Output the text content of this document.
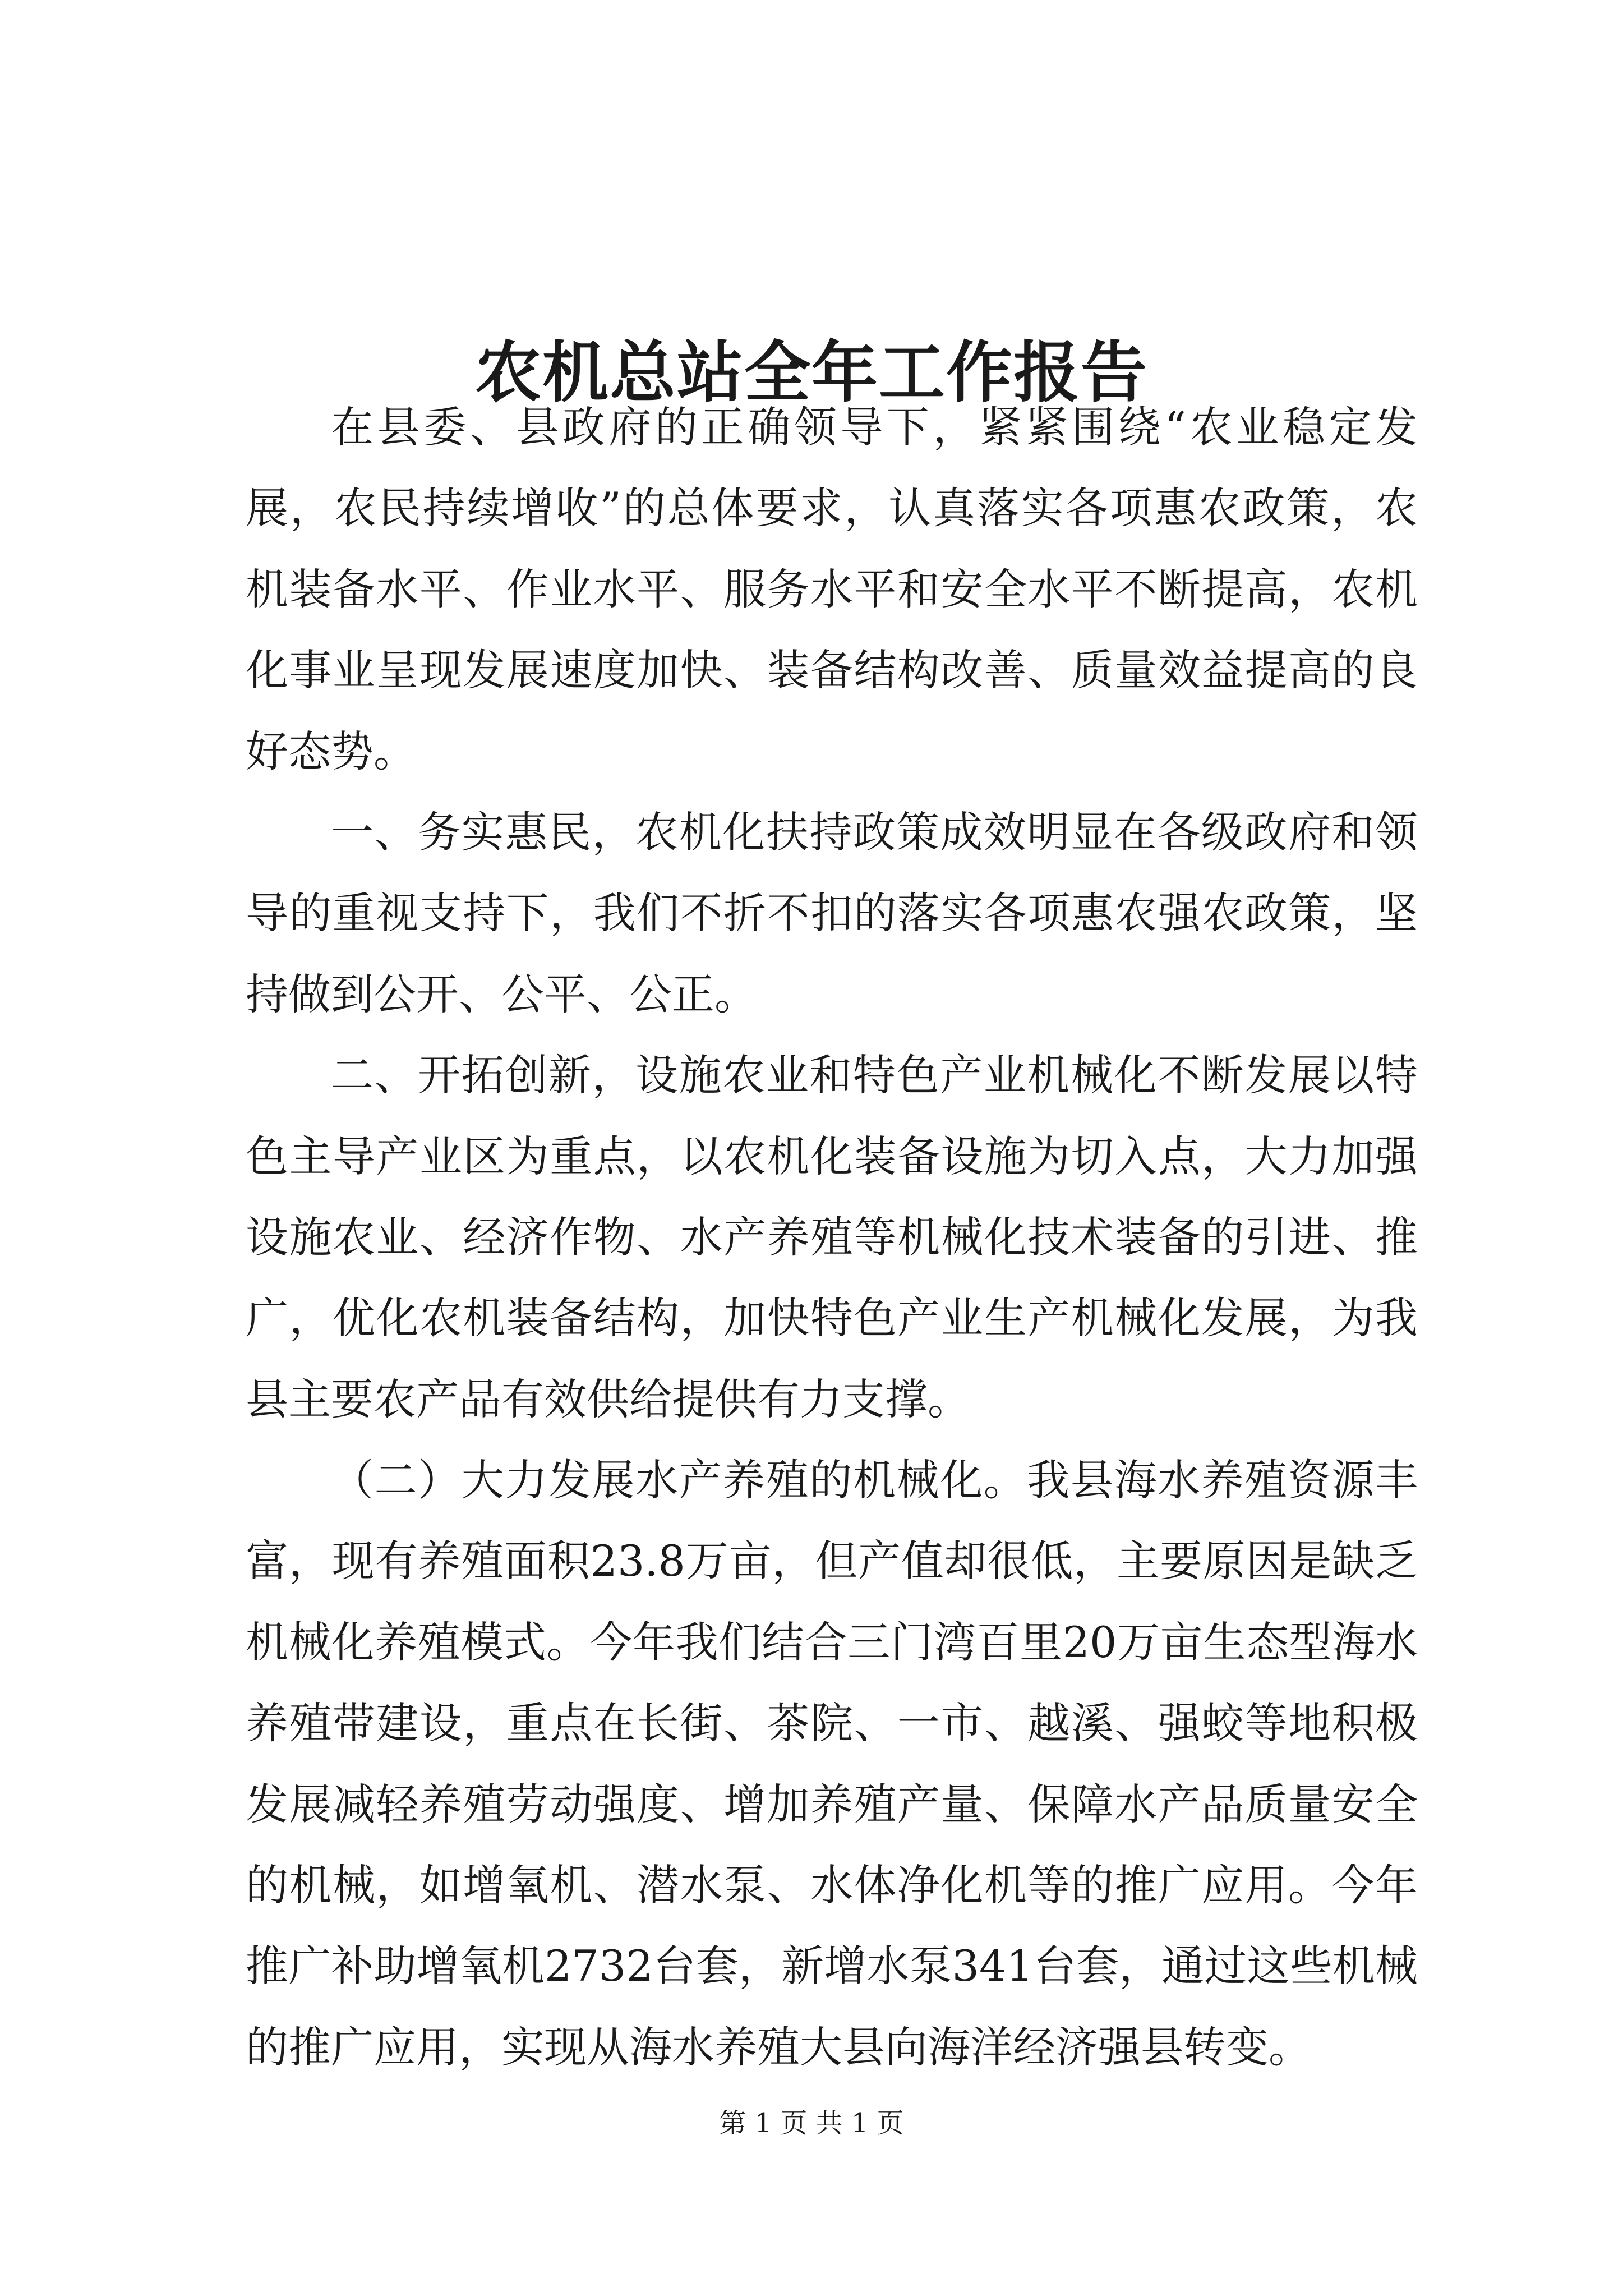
农机总站全年工作报告

在县委、县政府的正确领导下，紧紧围绕“农业稳定发展，农民持续增收”的总体要求，认真落实各项惠农政策，农机装备水平、作业水平、服务水平和安全水平不断提高，农机化事业呈现发展速度加快、装备结构改善、质量效益提高的良好态势。

一、务实惠民，农机化扶持政策成效明显在各级政府和领导的重视支持下，我们不折不扣的落实各项惠农强农政策，坚持做到公开、公平、公正。

二、开拓创新，设施农业和特色产业机械化不断发展以特色主导产业区为重点，以农机化装备设施为切入点，大力加强设施农业、经济作物、水产养殖等机械化技术装备的引进、推广，优化农机装备结构，加快特色产业生产机械化发展，为我县主要农产品有效供给提供有力支撑。

（二）大力发展水产养殖的机械化。我县海水养殖资源丰富，现有养殖面积23.8万亩，但产值却很低，主要原因是缺乏机械化养殖模式。今年我们结合三门湾百里20万亩生态型海水养殖带建设，重点在长街、茶院、一市、越溪、强蛟等地积极发展减轻养殖劳动强度、增加养殖产量、保障水产品质量安全的机械，如增氧机、潜水泵、水体净化机等的推广应用。今年推广补助增氧机2732台套，新增水泵341台套，通过这些机械的推广应用，实现从海水养殖大县向海洋经济强县转变。

第 1 页 共 1 页
